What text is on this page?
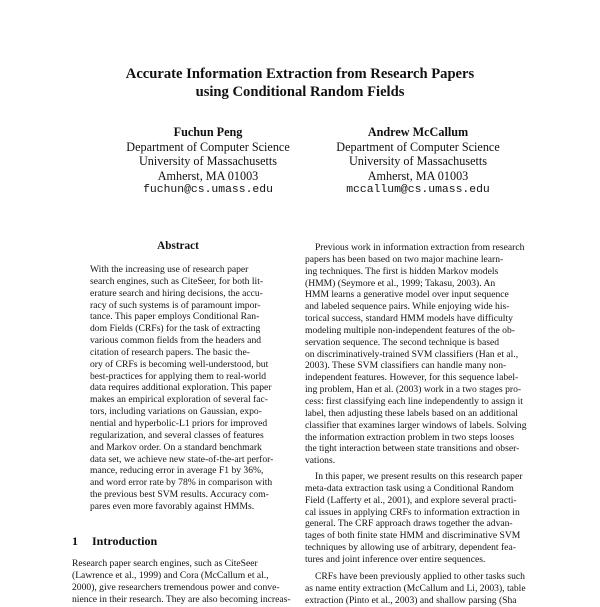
Accurate Information Extraction from Research Papers
using Conditional Random Fields
Fuchun Peng
Department of Computer Science
University of Massachusetts
Amherst, MA 01003
fuchun@cs.umass.edu
Andrew McCallum
Department of Computer Science
University of Massachusetts
Amherst, MA 01003
mccallum@cs.umass.edu
Abstract
With the increasing use of research paper
search engines, such as CiteSeer, for both lit-
erature search and hiring decisions, the accu-
racy of such systems is of paramount impor-
tance. This paper employs Conditional Ran-
dom Fields (CRFs) for the task of extracting
various common fields from the headers and
citation of research papers. The basic the-
ory of CRFs is becoming well-understood, but
best-practices for applying them to real-world
data requires additional exploration. This paper
makes an empirical exploration of several fac-
tors, including variations on Gaussian, expo-
nential and hyperbolic-L1 priors for improved
regularization, and several classes of features
and Markov order. On a standard benchmark
data set, we achieve new state-of-the-art perfor-
mance, reducing error in average F1 by 36%,
and word error rate by 78% in comparison with
the previous best SVM results. Accuracy com-
pares even more favorably against HMMs.
1 Introduction
Research paper search engines, such as CiteSeer
(Lawrence et al., 1999) and Cora (McCallum et al.,
2000), give researchers tremendous power and conve-
nience in their research. They are also becoming increas-
Previous work in information extraction from research
papers has been based on two major machine learn-
ing techniques. The first is hidden Markov models
(HMM) (Seymore et al., 1999; Takasu, 2003). An
HMM learns a generative model over input sequence
and labeled sequence pairs. While enjoying wide his-
torical success, standard HMM models have difficulty
modeling multiple non-independent features of the ob-
servation sequence. The second technique is based
on discriminatively-trained SVM classifiers (Han et al.,
2003). These SVM classifiers can handle many non-
independent features. However, for this sequence label-
ing problem, Han et al. (2003) work in a two stages pro-
cess: first classifying each line independently to assign it
label, then adjusting these labels based on an additional
classifier that examines larger windows of labels. Solving
the information extraction problem in two steps looses
the tight interaction between state transitions and obser-
vations.
In this paper, we present results on this research paper
meta-data extraction task using a Conditional Random
Field (Lafferty et al., 2001), and explore several practi-
cal issues in applying CRFs to information extraction in
general. The CRF approach draws together the advan-
tages of both finite state HMM and discriminative SVM
techniques by allowing use of arbitrary, dependent fea-
tures and joint inference over entire sequences.
CRFs have been previously applied to other tasks such
as name entity extraction (McCallum and Li, 2003), table
extraction (Pinto et al., 2003) and shallow parsing (Sha
